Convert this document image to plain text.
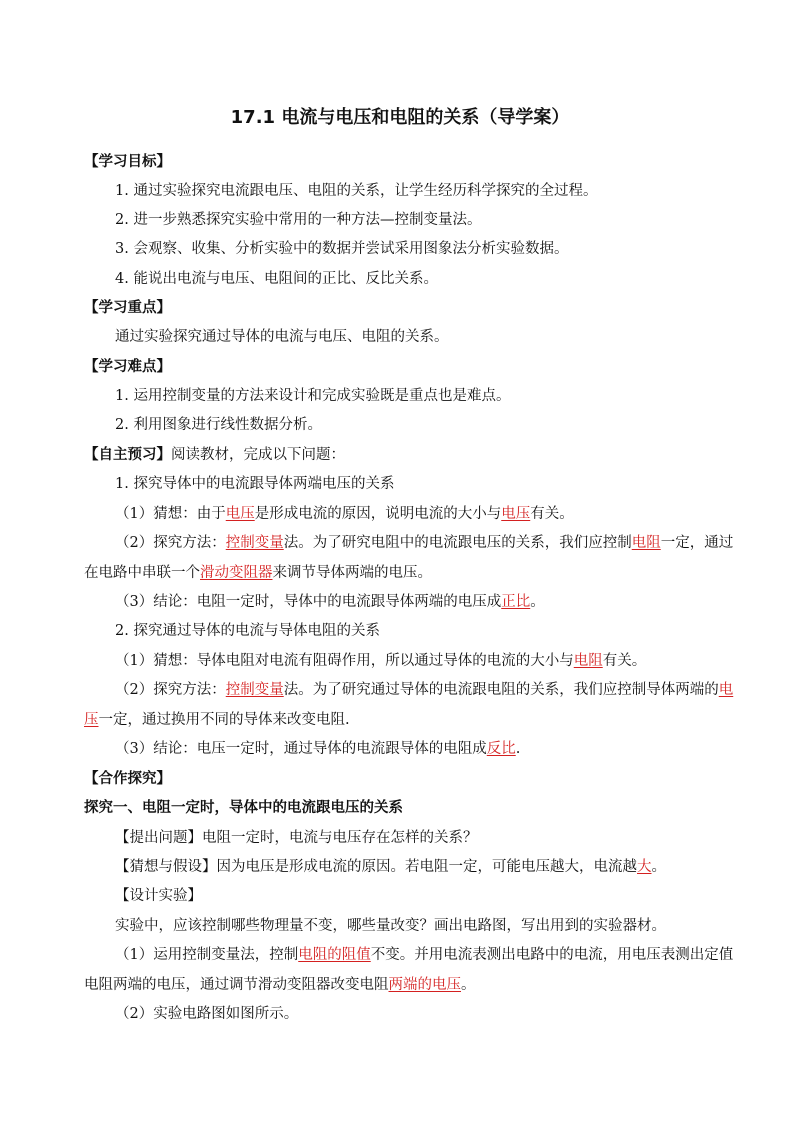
17.1 电流与电压和电阻的关系（导学案）
【学习目标】
1. 通过实验探究电流跟电压、电阻的关系，让学生经历科学探究的全过程。
2. 进一步熟悉探究实验中常用的一种方法—控制变量法。
3. 会观察、收集、分析实验中的数据并尝试采用图象法分析实验数据。
4. 能说出电流与电压、电阻间的正比、反比关系。
【学习重点】
通过实验探究通过导体的电流与电压、电阻的关系。
【学习难点】
1. 运用控制变量的方法来设计和完成实验既是重点也是难点。
2. 利用图象进行线性数据分析。
【自主预习】阅读教材，完成以下问题：
1. 探究导体中的电流跟导体两端电压的关系
（1）猜想：由于电压是形成电流的原因，说明电流的大小与电压有关。
（2）探究方法：控制变量法。为了研究电阻中的电流跟电压的关系，我们应控制电阻一定，通过
在电路中串联一个滑动变阻器来调节导体两端的电压。
（3）结论：电阻一定时，导体中的电流跟导体两端的电压成正比。
2. 探究通过导体的电流与导体电阻的关系
（1）猜想：导体电阻对电流有阻碍作用，所以通过导体的电流的大小与电阻有关。
（2）探究方法：控制变量法。为了研究通过导体的电流跟电阻的关系，我们应控制导体两端的电
压一定，通过换用不同的导体来改变电阻.
（3）结论：电压一定时，通过导体的电流跟导体的电阻成反比.
【合作探究】
探究一、电阻一定时，导体中的电流跟电压的关系
【提出问题】电阻一定时，电流与电压存在怎样的关系？
【猜想与假设】因为电压是形成电流的原因。若电阻一定，可能电压越大，电流越大。
【设计实验】
实验中，应该控制哪些物理量不变，哪些量改变？画出电路图，写出用到的实验器材。
（1）运用控制变量法，控制电阻的阻值不变。并用电流表测出电路中的电流，用电压表测出定值
电阻两端的电压，通过调节滑动变阻器改变电阻两端的电压。
（2）实验电路图如图所示。
